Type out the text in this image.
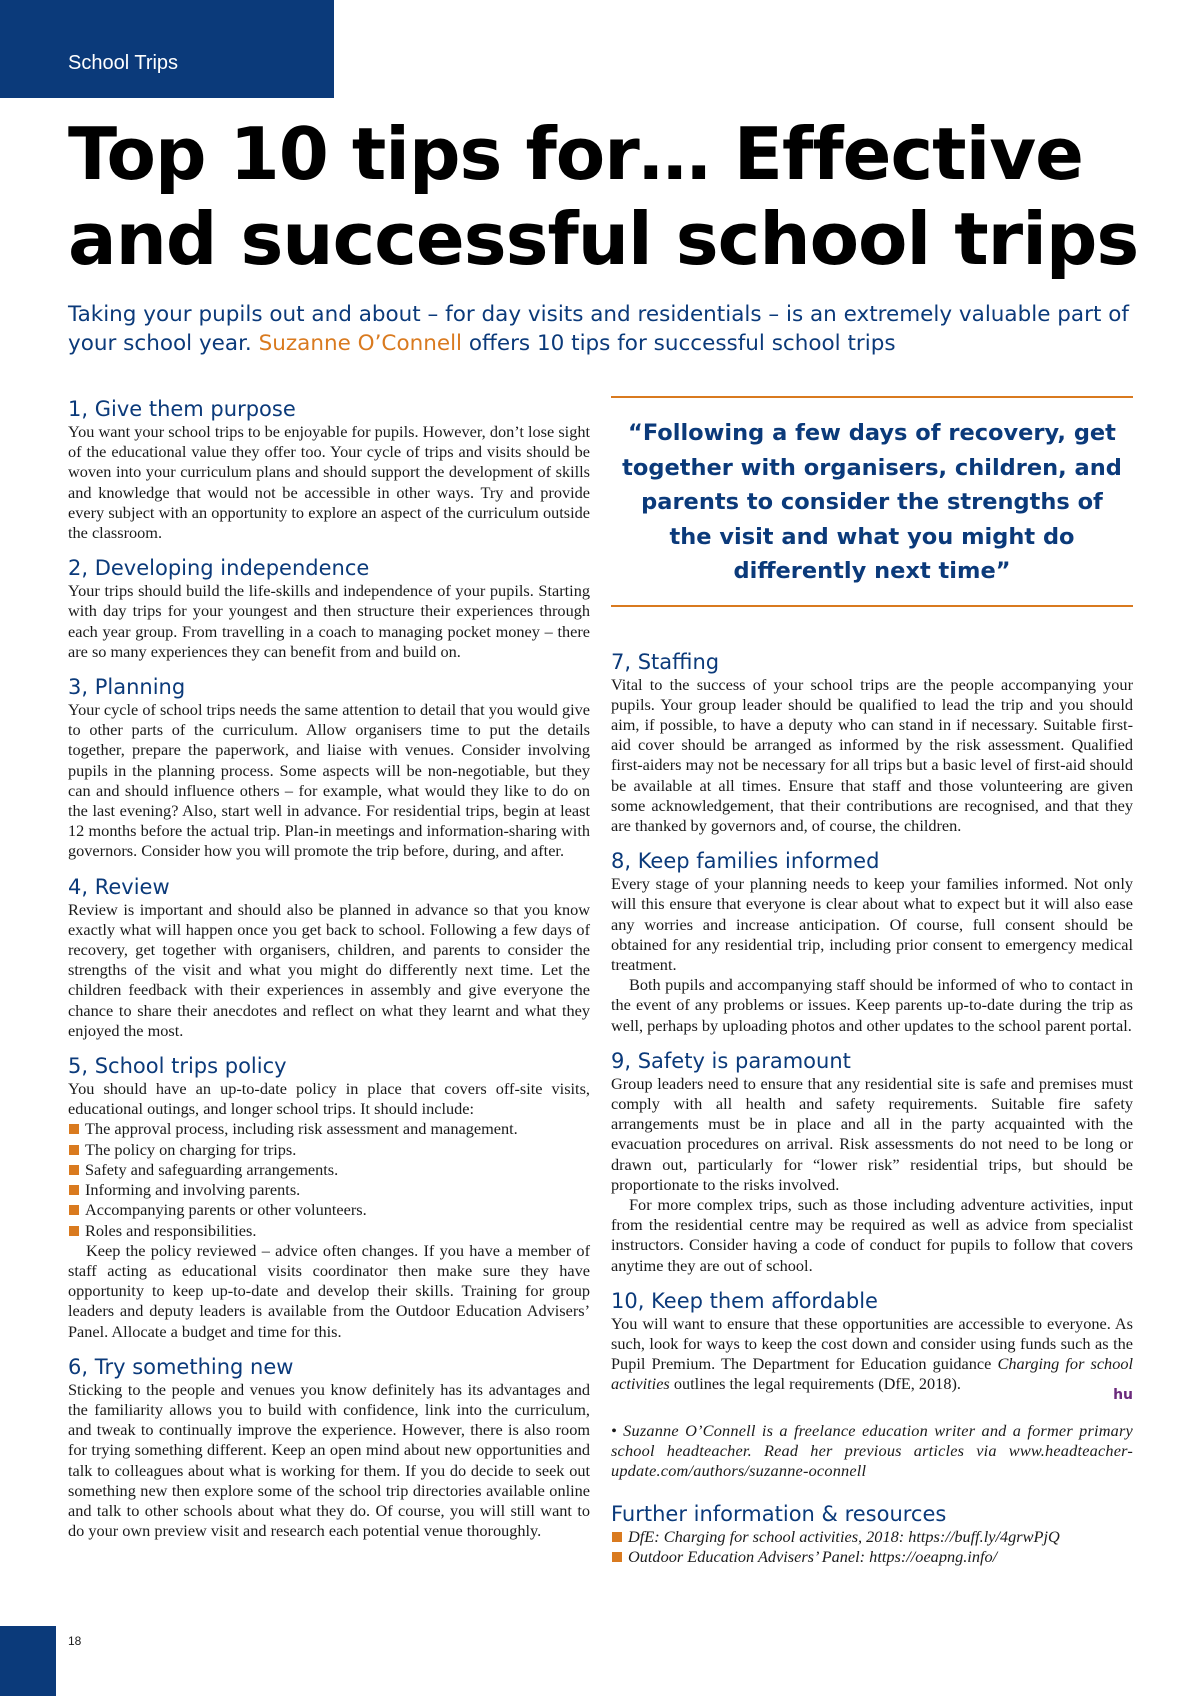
School Trips
Top 10 tips for… Effective and successful school trips

Taking your pupils out and about – for day visits and residentials – is an extremely valuable part of your school year. Suzanne O’Connell offers 10 tips for successful school trips

1, Give them purpose

You want your school trips to be enjoyable for pupils. However, don’t lose sight of the educational value they offer too. Your cycle of trips and visits should be woven into your curriculum plans and should support the development of skills and knowledge that would not be accessible in other ways. Try and provide every subject with an opportunity to explore an aspect of the curriculum outside the classroom.

2, Developing independence

Your trips should build the life-skills and independence of your pupils. Starting with day trips for your youngest and then structure their experiences through each year group. From travelling in a coach to managing pocket money – there are so many experiences they can benefit from and build on.

3, Planning

Your cycle of school trips needs the same attention to detail that you would give to other parts of the curriculum. Allow organisers time to put the details together, prepare the paperwork, and liaise with venues. Consider involving pupils in the planning process. Some aspects will be non-negotiable, but they can and should influence others – for example, what would they like to do on the last evening? Also, start well in advance. For residential trips, begin at least 12 months before the actual trip. Plan-in meetings and information-sharing with governors. Consider how you will promote the trip before, during, and after.

4, Review

Review is important and should also be planned in advance so that you know exactly what will happen once you get back to school. Following a few days of recovery, get together with organisers, children, and parents to consider the strengths of the visit and what you might do differently next time. Let the children feedback with their experiences in assembly and give everyone the chance to share their anecdotes and reflect on what they learnt and what they enjoyed the most.

5, School trips policy

You should have an up-to-date policy in place that covers off-site visits, educational outings, and longer school trips. It should include:

The approval process, including risk assessment and management.
The policy on charging for trips.
Safety and safeguarding arrangements.
Informing and involving parents.
Accompanying parents or other volunteers.
Roles and responsibilities.

Keep the policy reviewed – advice often changes. If you have a member of staff acting as educational visits coordinator then make sure they have opportunity to keep up-to-date and develop their skills. Training for group leaders and deputy leaders is available from the Outdoor Education Advisers’ Panel. Allocate a budget and time for this.

6, Try something new

Sticking to the people and venues you know definitely has its advantages and the familiarity allows you to build with confidence, link into the curriculum, and tweak to continually improve the experience. However, there is also room for trying something different. Keep an open mind about new opportunities and talk to colleagues about what is working for them. If you do decide to seek out something new then explore some of the school trip directories available online and talk to other schools about what they do. Of course, you will still want to do your own preview visit and research each potential venue thoroughly.

“Following a few days of recovery, get together with organisers, children, and parents to consider the strengths of the visit and what you might do differently next time”
7, Staffing

Vital to the success of your school trips are the people accompanying your pupils. Your group leader should be qualified to lead the trip and you should aim, if possible, to have a deputy who can stand in if necessary. Suitable first-aid cover should be arranged as informed by the risk assessment. Qualified first-aiders may not be necessary for all trips but a basic level of first-aid should be available at all times. Ensure that staff and those volunteering are given some acknowledgement, that their contributions are recognised, and that they are thanked by governors and, of course, the children.

8, Keep families informed

Every stage of your planning needs to keep your families informed. Not only will this ensure that everyone is clear about what to expect but it will also ease any worries and increase anticipation. Of course, full consent should be obtained for any residential trip, including prior consent to emergency medical treatment.

Both pupils and accompanying staff should be informed of who to contact in the event of any problems or issues. Keep parents up-to-date during the trip as well, perhaps by uploading photos and other updates to the school parent portal.

9, Safety is paramount

Group leaders need to ensure that any residential site is safe and premises must comply with all health and safety requirements. Suitable fire safety arrangements must be in place and all in the party acquainted with the evacuation procedures on arrival. Risk assessments do not need to be long or drawn out, particularly for “lower risk” residential trips, but should be proportionate to the risks involved.

For more complex trips, such as those including adventure activities, input from the residential centre may be required as well as advice from specialist instructors. Consider having a code of conduct for pupils to follow that covers anytime they are out of school.

10, Keep them affordable

You will want to ensure that these opportunities are accessible to everyone. As such, look for ways to keep the cost down and consider using funds such as the Pupil Premium. The Department for Education guidance Charging for school activities outlines the legal requirements (DfE, 2018).

hu

• Suzanne O’Connell is a freelance education writer and a former primary school headteacher. Read her previous articles via www.headteacher-update.com/authors/suzanne-oconnell

Further information & resources
DfE: Charging for school activities, 2018: https://buff.ly/4grwPjQ
Outdoor Education Advisers’ Panel: https://oeapng.info/
18
